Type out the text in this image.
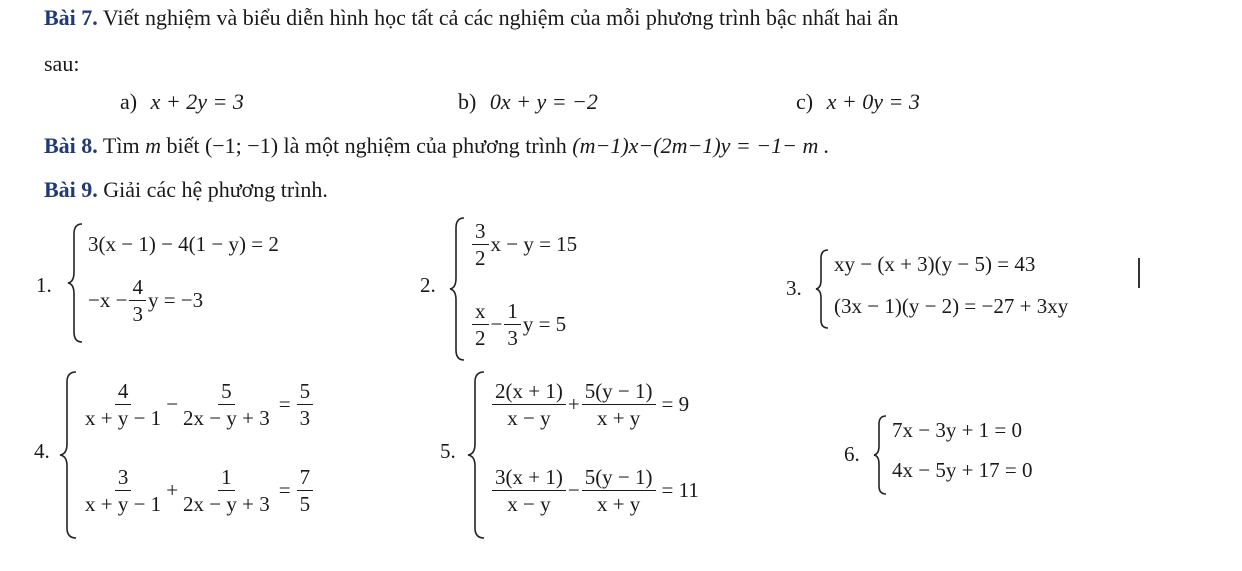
Bài 7. Viết nghiệm và biểu diễn hình học tất cả các nghiệm của mỗi phương trình bậc nhất hai ẩn
sau:
a) x + 2y = 3	b) 0x + y = −2	c) x + 0y = 3
Bài 8. Tìm m biết (−1; −1) là một nghiệm của phương trình (m−1)x−(2m−1)y = −1− m .
Bài 9. Giải các hệ phương trình.
1.
3(x − 1) − 4(1 − y) = 2
$-x - \frac{4}{3}$ y = −3
2.
$\frac{3}{2}$ x − y = 15
$\frac{x}{2} - \frac{1}{3}$ y = 5
3.
xy − (x + 3)(y − 5) = 43
(3x − 1)(y − 2) = −27 + 3xy
4.
$\frac{4}{x + y - 1} - \frac{5}{2x - y + 3} = \frac{5}{3}$
$\frac{3}{x + y - 1} + \frac{1}{2x - y + 3} = \frac{7}{5}$
5.
$\frac{2(x + 1)}{x - y} + \frac{5(y - 1)}{x + y} = 9$
$\frac{3(x + 1)}{x - y} - \frac{5(y - 1)}{x + y} = 11$
6.
7x − 3y + 1 = 0
4x − 5y + 17 = 0
